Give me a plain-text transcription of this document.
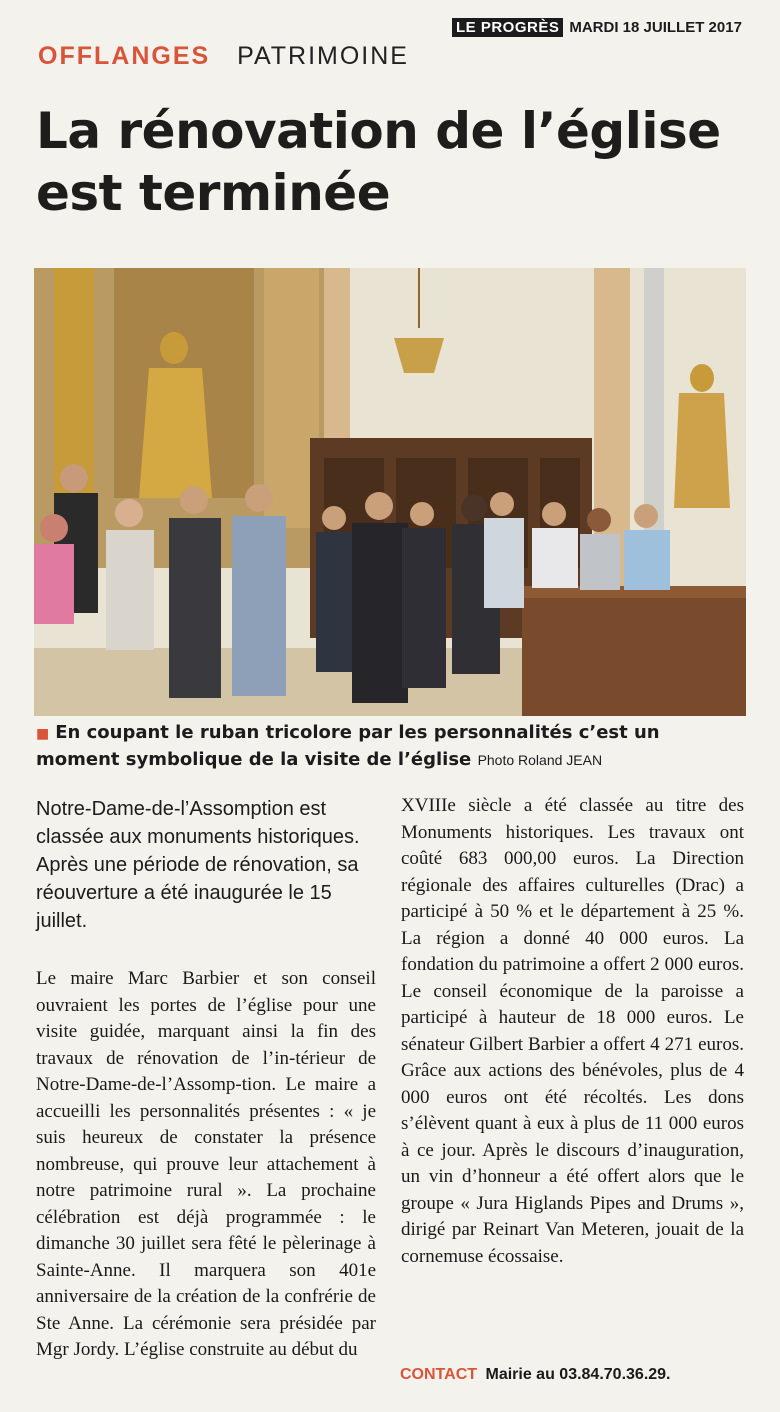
LE PROGRÈS MARDI 18 JUILLET 2017
OFFLANGES PATRIMOINE
La rénovation de l’église est terminée
■ En coupant le ruban tricolore par les personnalités c’est un moment symbolique de la visite de l’église Photo Roland JEAN

Notre-Dame-de-l’Assomption est classée aux monuments historiques. Après une période de rénovation, sa réouverture a été inaugurée le 15 juillet.

Le maire Marc Barbier et son conseil ouvraient les portes de l’église pour une visite guidée, marquant ainsi la fin des travaux de rénovation de l’in-térieur de Notre-Dame-de-l’Assomp-tion. Le maire a accueilli les personnalités présentes : « je suis heureux de constater la présence nombreuse, qui prouve leur attachement à notre patrimoine rural ». La prochaine célébration est déjà programmée : le dimanche 30 juillet sera fêté le pèlerinage à Sainte-Anne. Il marquera son 401e anniversaire de la création de la confrérie de Ste Anne. La cérémonie sera présidée par Mgr Jordy. L’église construite au début du

XVIIIe siècle a été classée au titre des Monuments historiques. Les travaux ont coûté 683 000,00 euros. La Direction régionale des affaires culturelles (Drac) a participé à 50 % et le département à 25 %. La région a donné 40 000 euros. La fondation du patrimoine a offert 2 000 euros. Le conseil économique de la paroisse a participé à hauteur de 18 000 euros. Le sénateur Gilbert Barbier a offert 4 271 euros. Grâce aux actions des bénévoles, plus de 4 000 euros ont été récoltés. Les dons s’élèvent quant à eux à plus de 11 000 euros à ce jour. Après le discours d’inauguration, un vin d’honneur a été offert alors que le groupe « Jura Higlands Pipes and Drums », dirigé par Reinart Van Meteren, jouait de la cornemuse écossaise.

CONTACT Mairie au 03.84.70.36.29.
